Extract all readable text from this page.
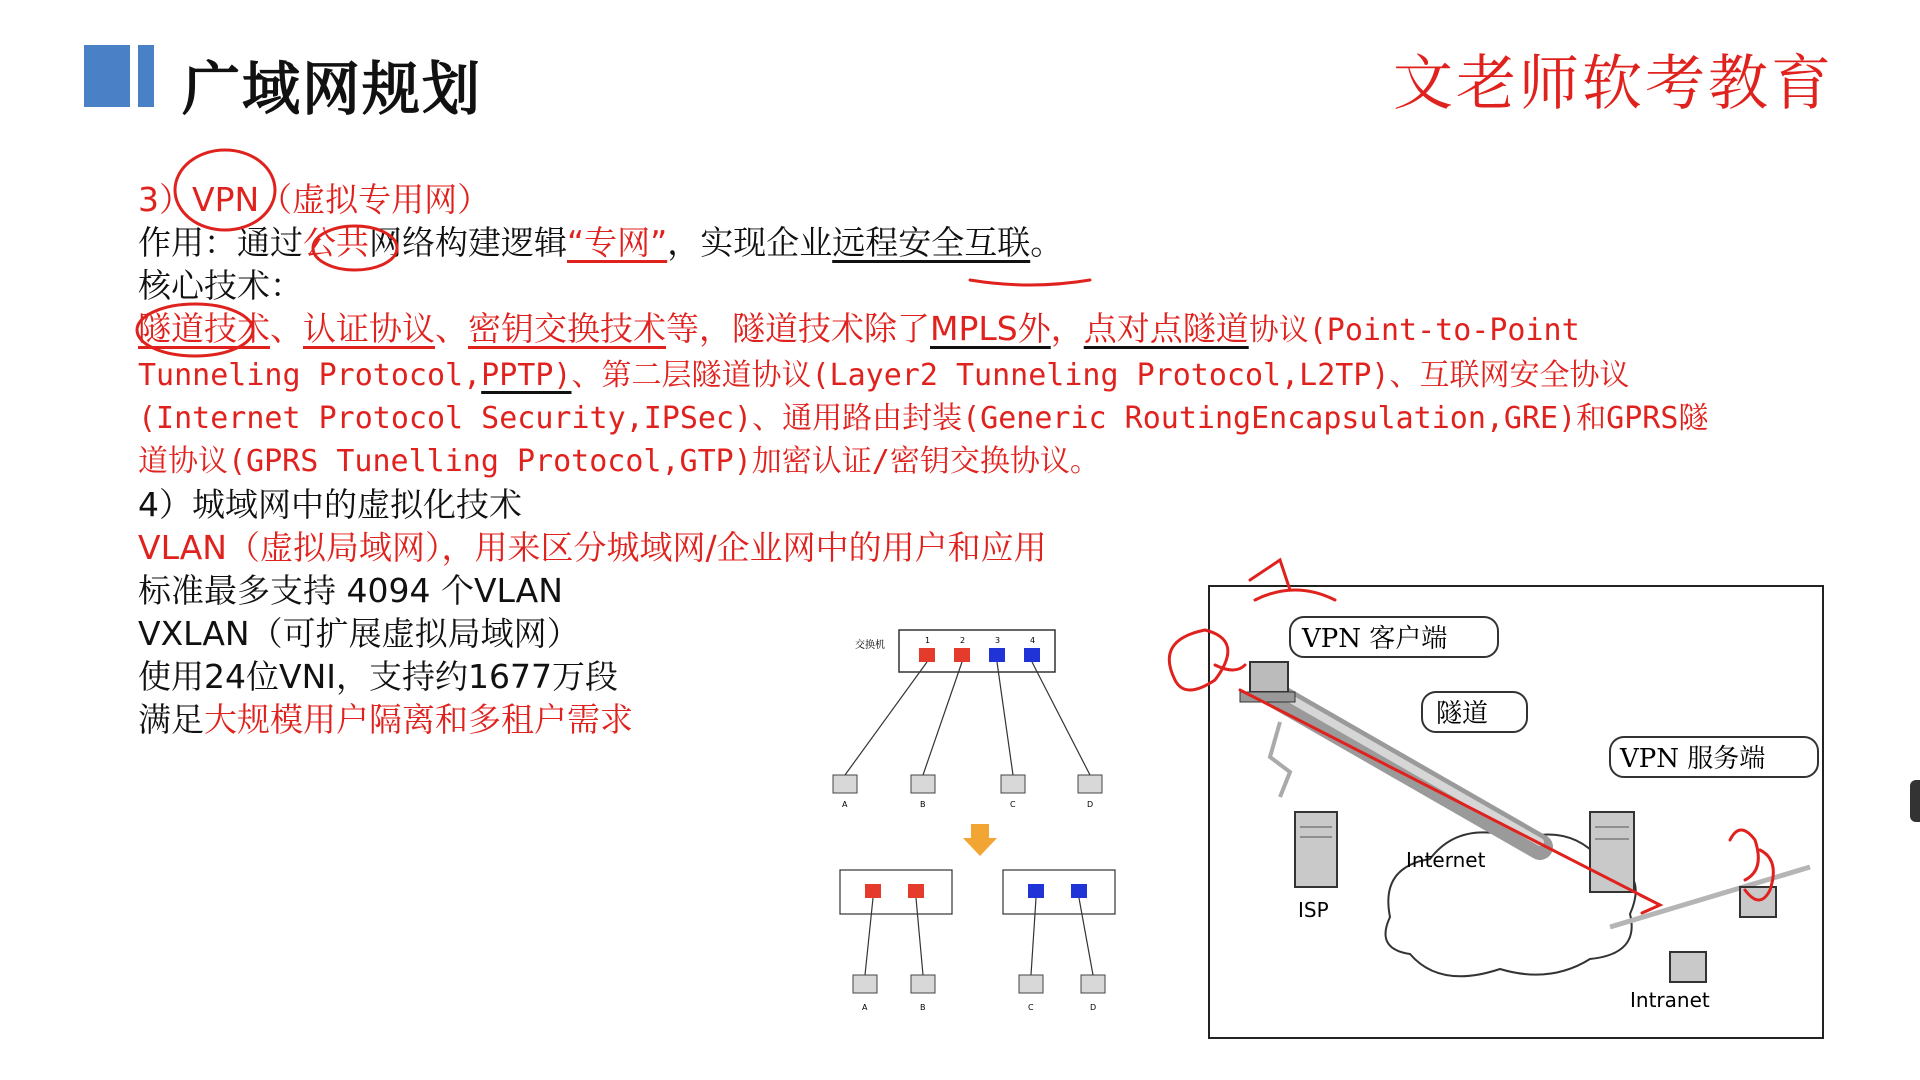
广域网规划	文老师软考教育
3）VPN（虚拟专用网）
作用：通过公共网络构建逻辑“专网”，实现企业远程安全互联。
核心技术：
隧道技术、认证协议、密钥交换技术等，隧道技术除了MPLS外，点对点隧道协议(Point-to-Point
Tunneling Protocol,PPTP)、第二层隧道协议(Layer2 Tunneling Protocol,L2TP)、互联网安全协议
(Internet Protocol Security,IPSec)、通用路由封装(Generic RoutingEncapsulation,GRE)和GPRS隧
道协议(GPRS Tunelling Protocol,GTP)加密认证/密钥交换协议。
4）城域网中的虚拟化技术
VLAN（虚拟局域网），用来区分城域网/企业网中的用户和应用
标准最多支持 4094 个VLAN
VXLAN（可扩展虚拟局域网）
使用24位VNI，支持约1677万段
满足大规模用户隔离和多租户需求
交换机	1	2	3	4
A	B	C	D
A	B	C	D
Internet
ISP
Intranet
VPN 客户端
隧道
VPN 服务端
